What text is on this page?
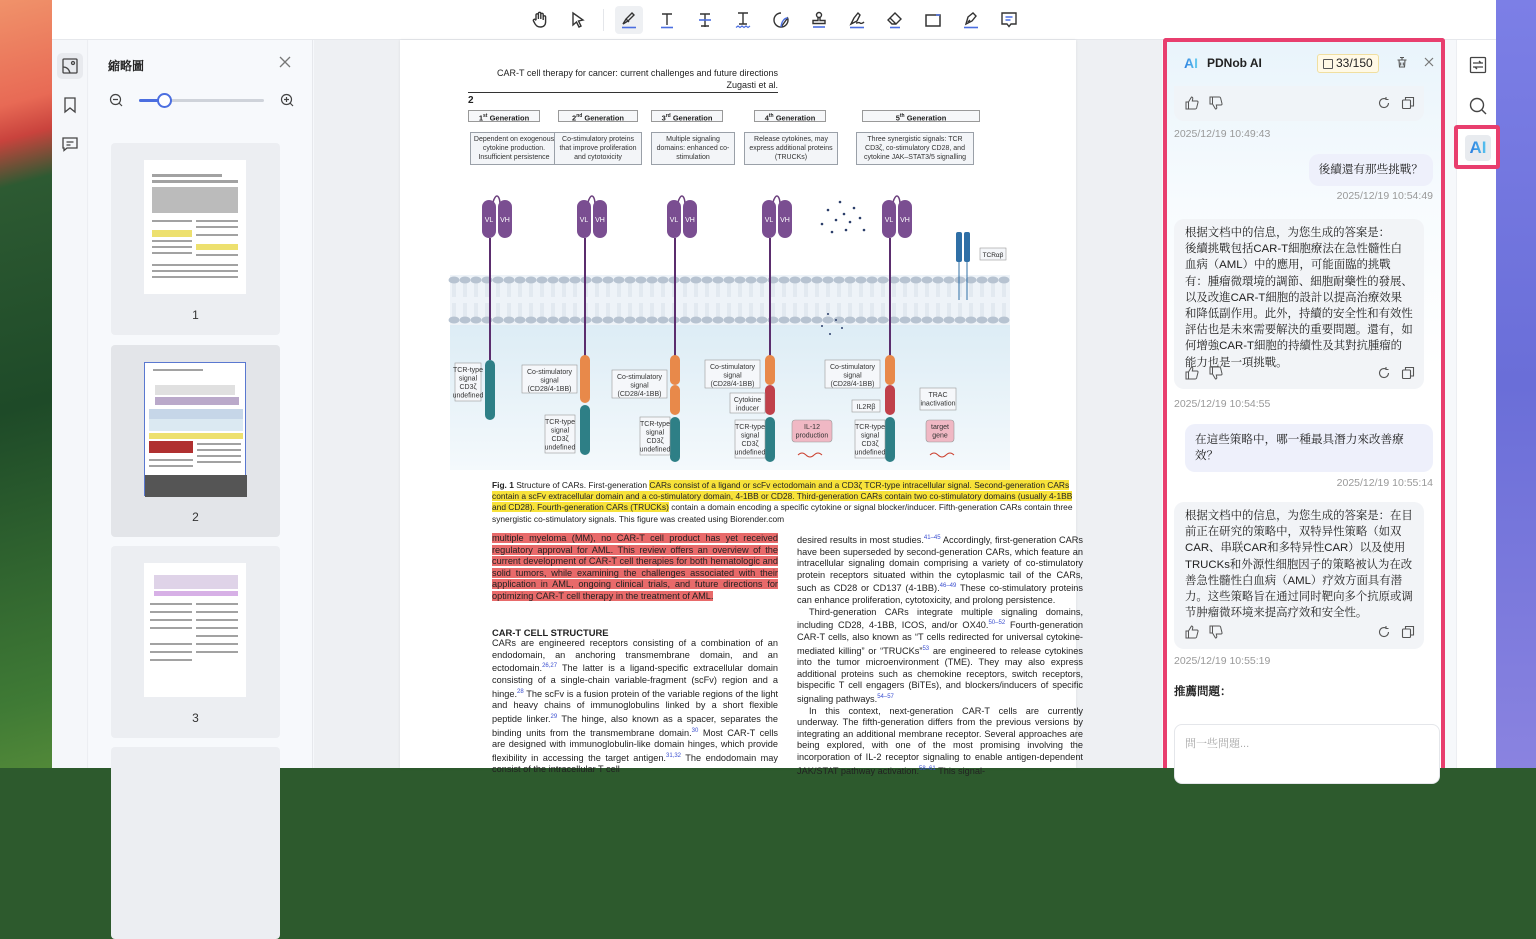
縮略圖
1
2
3
CAR-T cell therapy for cancer: current challenges and future directions
Zugasti et al.
2
1st Generation
Dependent on exogenous cytokine production. Insufficient persistence
2nd Generation
Co-stimulatory proteins that improve proliferation and cytotoxicity
3rd Generation
Multiple signaling domains: enhanced co-stimulation
4th Generation
Release cytokines, may express additional proteins (TRUCKs)
5th Generation
Three synergistic signals: TCR CD3ζ, co-stimulatory CD28, and cytokine JAK–STAT3/5 signalling
VL VH	VL VH	VL VH	VL VH	VL VH
TCRαβ
TCR-type
signal
CD3ζ
undefined
Co-stimulatory
signal
(CD28/4-1BB)
TCR-type
signal
CD3ζ
undefined
Co-stimulatory
signal
(CD28/4-1BB)
TCR-type
signal
CD3ζ
undefined
Co-stimulatory
signal
(CD28/4-1BB)
Cytokine
inducer
TCR-type
signal
CD3ζ
undefined
IL-12
production
Co-stimulatory
signal
(CD28/4-1BB)
IL2Rβ
TCR-type
signal
CD3ζ
undefined
TRAC
inactivation
target
gene
Fig. 1 Structure of CARs. First-generation CARs consist of a ligand or scFv ectodomain and a CD3ζ TCR-type intracellular signal. Second-generation CARs contain a scFv extracellular domain and a co-stimulatory domain, 4-1BB or CD28. Third-generation CARs contain two co-stimulatory domains (usually 4-1BB and CD28). Fourth-generation CARs (TRUCKs) contain a domain encoding a specific cytokine or signal blocker/inducer. Fifth-generation CARs contain three synergistic co-stimulatory signals. This figure was created using Biorender.com
multiple myeloma (MM), no CAR-T cell product has yet received regulatory approval for AML. This review offers an overview of the current development of CAR-T cell therapies for both hematologic and solid tumors, while examining the challenges associated with their application in AML, ongoing clinical trials, and future directions for optimizing CAR-T cell therapy in the treatment of AML.
CAR-T CELL STRUCTURE
CARs are engineered receptors consisting of a combination of an endodomain, an anchoring transmembrane domain, and an ectodomain.$^{26,27}$ The latter is a ligand-specific extracellular domain consisting of a single-chain variable-fragment (scFv) region and a hinge.$^{28}$ The scFv is a fusion protein of the variable regions of the light and heavy chains of immunoglobulins linked by a short flexible peptide linker.$^{29}$ The hinge, also known as a spacer, separates the binding units from the transmembrane domain.$^{30}$ Most CAR-T cells are designed with immunoglobulin-like domain hinges, which provide flexibility in accessing the target antigen.$^{31,32}$ The endodomain may consist of the intracellular T cell
desired results in most studies.$^{41-45}$ Accordingly, first-generation CARs have been superseded by second-generation CARs, which feature an intracellular signaling domain comprising a variety of co-stimulatory protein receptors situated within the cytoplasmic tail of the CARs, such as CD28 or CD137 (4-1BB).$^{46-49}$ These co-stimulatory proteins can enhance proliferation, cytotoxicity, and prolong persistence.
Third-generation CARs integrate multiple signaling domains, including CD28, 4-1BB, ICOS, and/or OX40.$^{50-52}$ Fourth-generation CAR-T cells, also known as “T cells redirected for universal cytokine-mediated killing” or “TRUCKs”$^{53}$ are engineered to release cytokines into the tumor microenvironment (TME). They may also express additional proteins such as chemokine receptors, switch receptors, bispecific T cell engagers (BiTEs), and blockers/inducers of specific signaling pathways.$^{54-57}$
In this context, next-generation CAR-T cells are currently underway. The fifth-generation differs from the previous versions by integrating an additional membrane receptor. Several approaches are being explored, with one of the most promising involving the incorporation of IL-2 receptor signaling to enable antigen-dependent JAK/STAT pathway activation.$^{58-61}$ This signal-
AI PDNob AI	33/150
2025/12/19 10:49:43
後續還有那些挑戰？
2025/12/19 10:54:49
根据文档中的信息，为您生成的答案是：
後續挑戰包括CAR-T細胞療法在急性髓性白血病（AML）中的應用，可能面臨的挑戰有：腫瘤微環境的調節、細胞耐藥性的發展、以及改進CAR-T細胞的設計以提高治療效果和降低副作用。此外，持續的安全性和有效性評估也是未來需要解決的重要問題。還有，如何增強CAR-T細胞的持續性及其對抗腫瘤的能力也是一項挑戰。
2025/12/19 10:54:55
在這些策略中，哪一種最具潛力來改善療效？
2025/12/19 10:55:14
根据文档中的信息，为您生成的答案是：在目前正在研究的策略中，双特异性策略（如双CAR、串联CAR和多特异性CAR）以及使用TRUCKs和外源性细胞因子的策略被认为在改善急性髓性白血病（AML）疗效方面具有潜力。这些策略旨在通过同时靶向多个抗原或调节肿瘤微环境来提高疗效和安全性。
2025/12/19 10:55:19
推薦問題：
問一些問題...
AI
